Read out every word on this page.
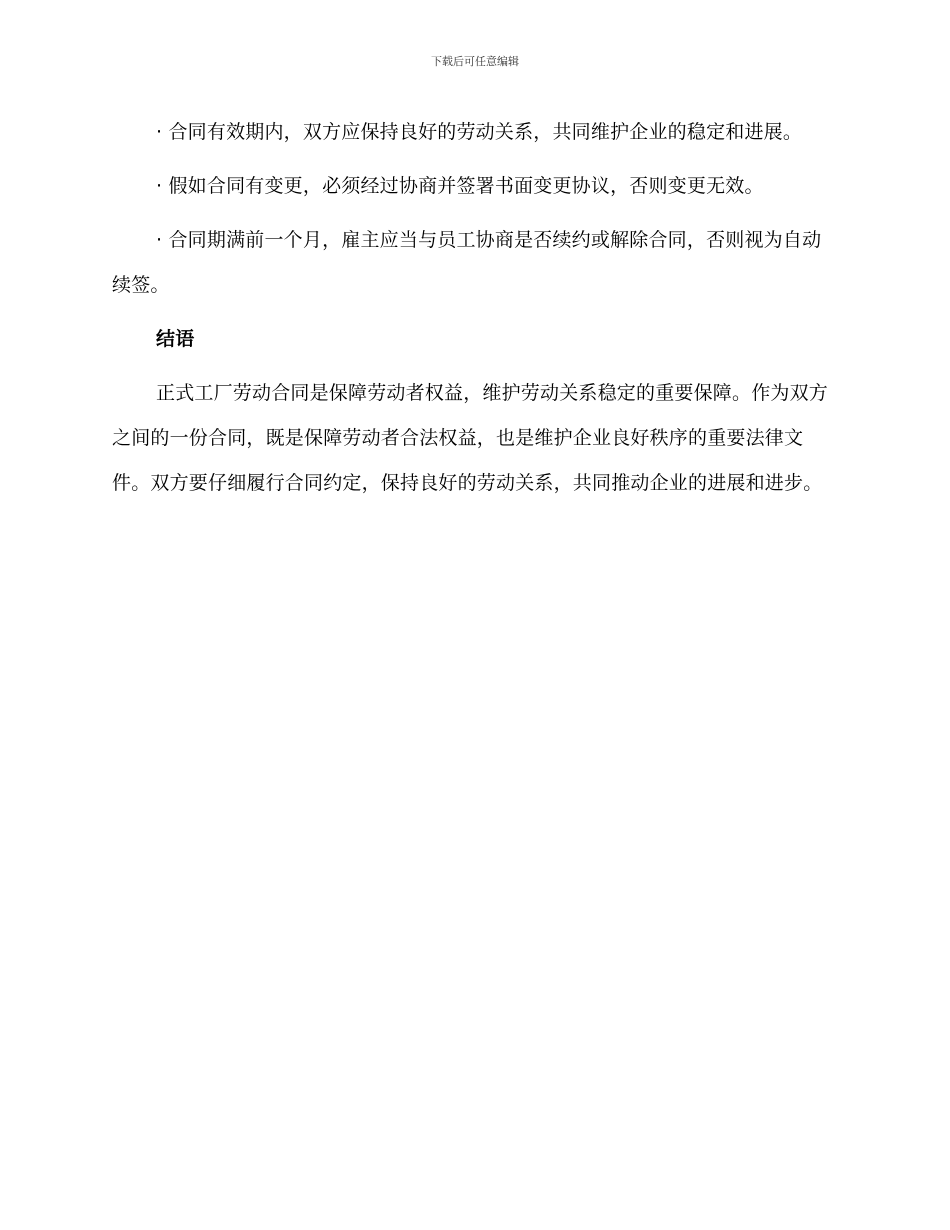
下载后可任意编辑

· 合同有效期内，双方应保持良好的劳动关系，共同维护企业的稳定和进展。

· 假如合同有变更，必须经过协商并签署书面变更协议，否则变更无效。

· 合同期满前一个月，雇主应当与员工协商是否续约或解除合同，否则视为自动续签。

结语

正式工厂劳动合同是保障劳动者权益，维护劳动关系稳定的重要保障。作为双方之间的一份合同，既是保障劳动者合法权益，也是维护企业良好秩序的重要法律文件。双方要仔细履行合同约定，保持良好的劳动关系，共同推动企业的进展和进步。
